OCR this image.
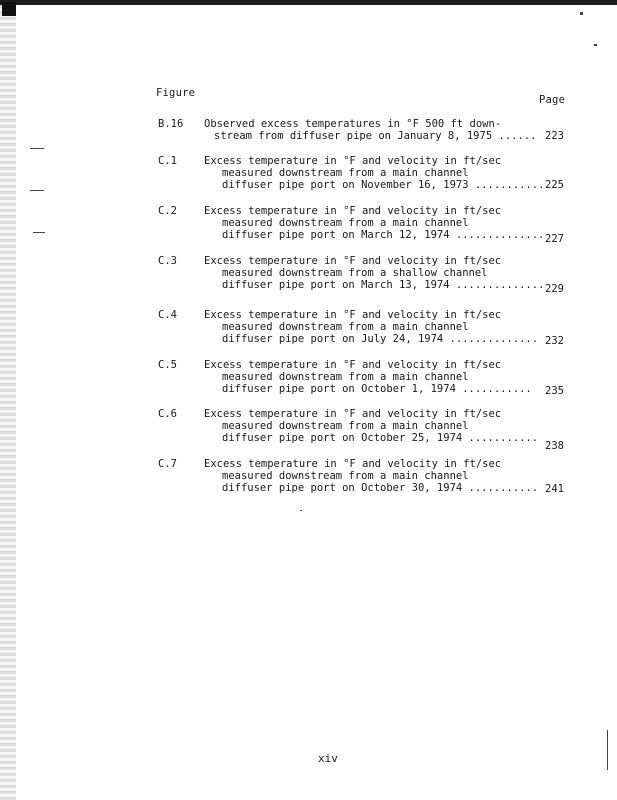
Figure
Page
B.16 Observed excess temperatures in °F 500 ft down-
stream from diffuser pipe on January 8, 1975 ...... 223
C.1	Excess temperature in °F and velocity in ft/sec
measured downstream from a main channel
diffuser pipe port on November 16, 1973 ........... 225
C.2	Excess temperature in °F and velocity in ft/sec
measured downstream from a main channel
diffuser pipe port on March 12, 1974 .............. 227
C.3	Excess temperature in °F and velocity in ft/sec
measured downstream from a shallow channel
diffuser pipe port on March 13, 1974 .............. 229
C.4	Excess temperature in °F and velocity in ft/sec
measured downstream from a main channel
diffuser pipe port on July 24, 1974 .............. 232
C.5	Excess temperature in °F and velocity in ft/sec
measured downstream from a main channel
diffuser pipe port on October 1, 1974 ...........	235
C.6	Excess temperature in °F and velocity in ft/sec
measured downstream from a main channel
diffuser pipe port on October 25, 1974 ...........
238
C.7	Excess temperature in °F and velocity in ft/sec
measured downstream from a main channel
diffuser pipe port on October 30, 1974 ........... 241
xiv
